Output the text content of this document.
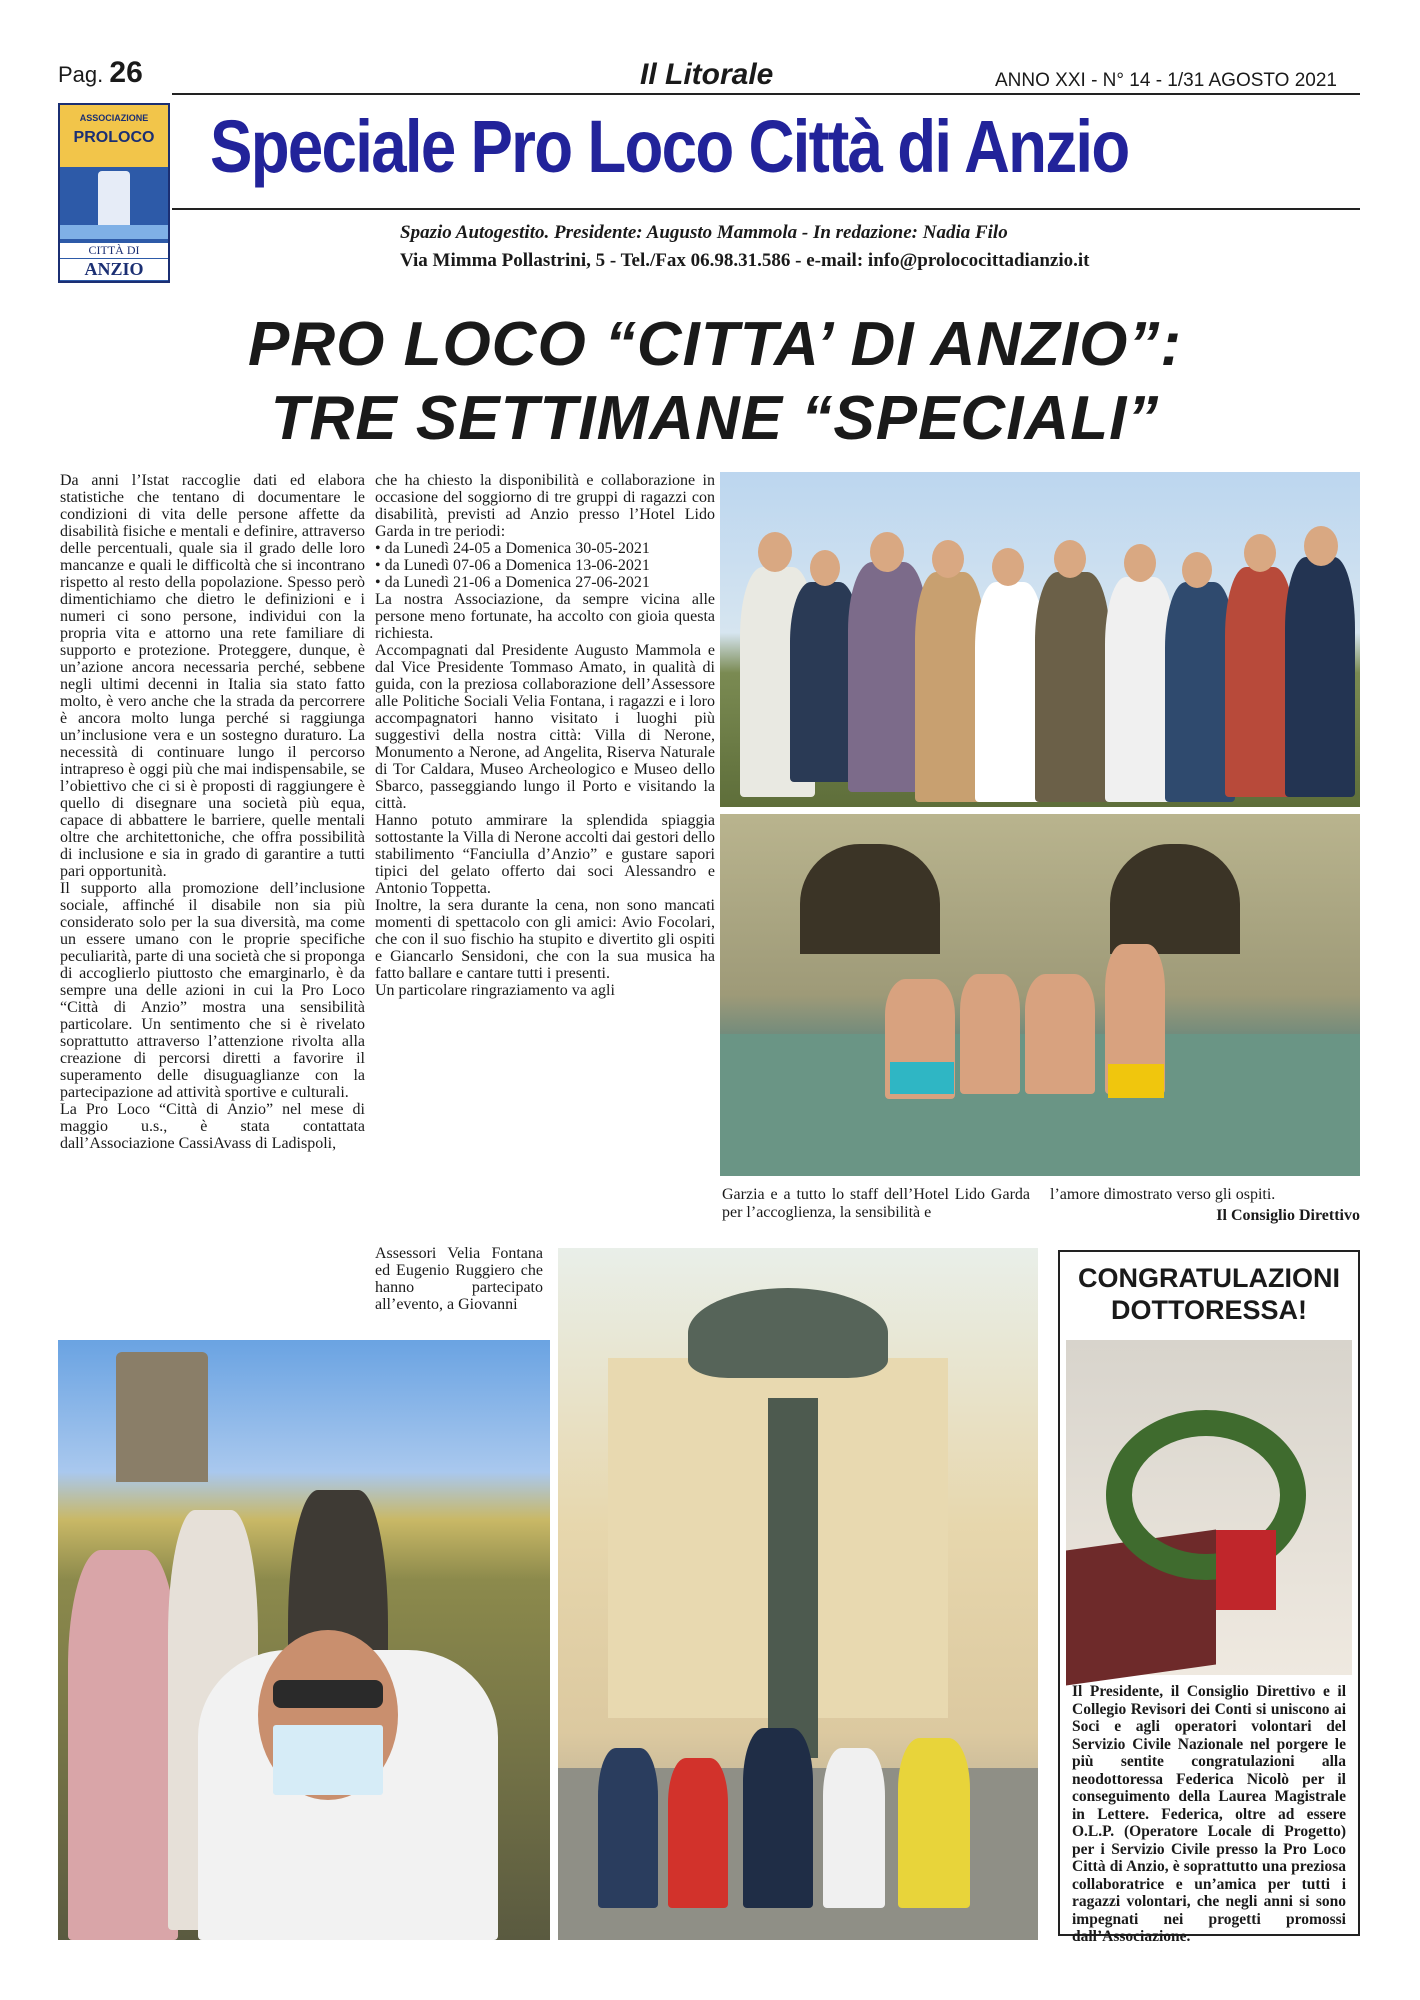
Pag. 26	Il Litorale	ANNO XXI - N° 14 - 1/31 AGOSTO 2021
ASSOCIAZIONE
PROLOCO
CITTÀ DI
ANZIO
Speciale Pro Loco Città di Anzio
Spazio Autogestito. Presidente: Augusto Mammola - In redazione: Nadia Filo
Via Mimma Pollastrini, 5 - Tel./Fax 06.98.31.586 - e-mail: info@prolococittadianzio.it
PRO LOCO “CITTA’ DI ANZIO”:
TRE SETTIMANE “SPECIALI”

Da anni l’Istat raccoglie dati ed elabora statistiche che tentano di documentare le condizioni di vita delle persone affette da disabilità fisiche e mentali e definire, attraverso delle percentuali, quale sia il grado delle loro mancanze e quali le difficoltà che si incontrano rispetto al resto della popolazione. Spesso però dimentichiamo che dietro le definizioni e i numeri ci sono persone, individui con la propria vita e attorno una rete familiare di supporto e protezione. Proteggere, dunque, è un’azione ancora necessaria perché, sebbene negli ultimi decenni in Italia sia stato fatto molto, è vero anche che la strada da percorrere è ancora molto lunga perché si raggiunga un’inclusione vera e un sostegno duraturo. La necessità di continuare lungo il percorso intrapreso è oggi più che mai indispensabile, se l’obiettivo che ci si è proposti di raggiungere è quello di disegnare una società più equa, capace di abbattere le barriere, quelle mentali oltre che architettoniche, che offra possibilità di inclusione e sia in grado di garantire a tutti pari opportunità.

Il supporto alla promozione dell’inclusione sociale, affinché il disabile non sia più considerato solo per la sua diversità, ma come un essere umano con le proprie specifiche peculiarità, parte di una società che si proponga di accoglierlo piuttosto che emarginarlo, è da sempre una delle azioni in cui la Pro Loco “Città di Anzio” mostra una sensibilità particolare. Un sentimento che si è rivelato soprattutto attraverso l’attenzione rivolta alla creazione di percorsi diretti a favorire il superamento delle disuguaglianze con la partecipazione ad attività sportive e culturali.

La Pro Loco “Città di Anzio” nel mese di maggio u.s., è stata contattata dall’Associazione CassiAvass di Ladispoli,

che ha chiesto la disponibilità e collaborazione in occasione del soggiorno di tre gruppi di ragazzi con disabilità, previsti ad Anzio presso l’Hotel Lido Garda in tre periodi:

• da Lunedì 24-05 a Domenica 30-05-2021

• da Lunedì 07-06 a Domenica 13-06-2021

• da Lunedì 21-06 a Domenica 27-06-2021

La nostra Associazione, da sempre vicina alle persone meno fortunate, ha accolto con gioia questa richiesta.

Accompagnati dal Presidente Augusto Mammola e dal Vice Presidente Tommaso Amato, in qualità di guida, con la preziosa collaborazione dell’Assessore alle Politiche Sociali Velia Fontana, i ragazzi e i loro accompagnatori hanno visitato i luoghi più suggestivi della nostra città: Villa di Nerone, Monumento a Nerone, ad Angelita, Riserva Naturale di Tor Caldara, Museo Archeologico e Museo dello Sbarco, passeggiando lungo il Porto e visitando la città.

Hanno potuto ammirare la splendida spiaggia sottostante la Villa di Nerone accolti dai gestori dello stabilimento “Fanciulla d’Anzio” e gustare sapori tipici del gelato offerto dai soci Alessandro e Antonio Toppetta.

Inoltre, la sera durante la cena, non sono mancati momenti di spettacolo con gli amici: Avio Focolari, che con il suo fischio ha stupito e divertito gli ospiti e Giancarlo Sensidoni, che con la sua musica ha fatto ballare e cantare tutti i presenti.

Un particolare ringraziamento va agli

Assessori Velia Fontana ed Eugenio Ruggiero che hanno partecipato all’evento, a Giovanni
Garzia e a tutto lo staff dell’Hotel Lido Garda per l’accoglienza, la sensibilità e
l’amore dimostrato verso gli ospiti.
Il Consiglio Direttivo
CONGRATULAZIONI
DOTTORESSA!
Il Presidente, il Consiglio Direttivo e il Collegio Revisori dei Conti si uniscono ai Soci e agli operatori volontari del Servizio Civile Nazionale nel porgere le più sentite congratulazioni alla neodottoressa Federica Nicolò per il conseguimento della Laurea Magistrale in Lettere. Federica, oltre ad essere O.L.P. (Operatore Locale di Progetto) per i Servizio Civile presso la Pro Loco Città di Anzio, è soprattutto una preziosa collaboratrice e un’amica per tutti i ragazzi volontari, che negli anni si sono impegnati nei progetti promossi dall’Associazione.
